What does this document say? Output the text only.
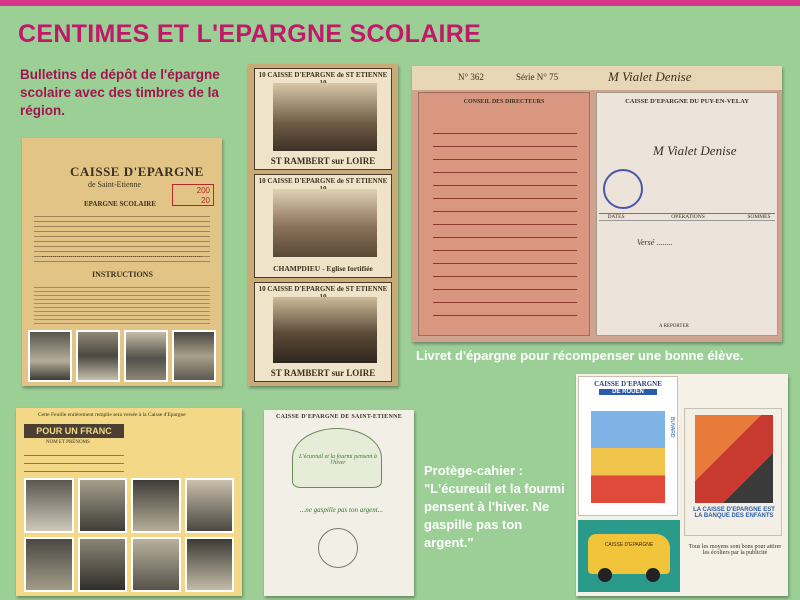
CENTIMES ET L'EPARGNE SCOLAIRE
Bulletins de dépôt de l'épargne scolaire avec des timbres de la région.
CAISSE D'EPARGNE
de Saint-Etienne
200
20
EPARGNE SCOLAIRE
INSTRUCTIONS
10 CAISSE D'EPARGNE de ST ETIENNE
ST RAMBERT sur LOIRE
10 CAISSE D'EPARGNE de ST ETIENNE
CHAMPDIEU - Eglise fortifiée
10 CAISSE D'EPARGNE de ST ETIENNE
ST RAMBERT sur LOIRE
N° 362	Série N° 75	M Vialet Denise
CONSEIL DES DIRECTEURS	CAISSE D'EPARGNE DU PUY-EN-VELAY
M Vialet Denise
DATES	OPÉRATIONS	SOMMES
Versé ........
A REPORTER
Livret d'épargne pour récompenser une bonne élève.
Cette Feuille entièrement remplie sera versée à la Caisse d'Epargne
POUR UN FRANC
NOM ET PRÉNOMS
CAISSE D'EPARGNE DE SAINT-ETIENNE
L'écureuil et la fourmi pensent à l'hiver
...ne gaspille pas ton argent...
Protège-cahier : "L'écureuil et la fourmi pensent à l'hiver. Ne gaspille pas ton argent."
CAISSE D'EPARGNE
DE ROUEN
BUVARD
LA CAISSE D'EPARGNE EST LA BANQUE DES ENFANTS
CAISSE D'EPARGNE	Tous les moyens sont bons pour attirer les écoliers par la publicité
